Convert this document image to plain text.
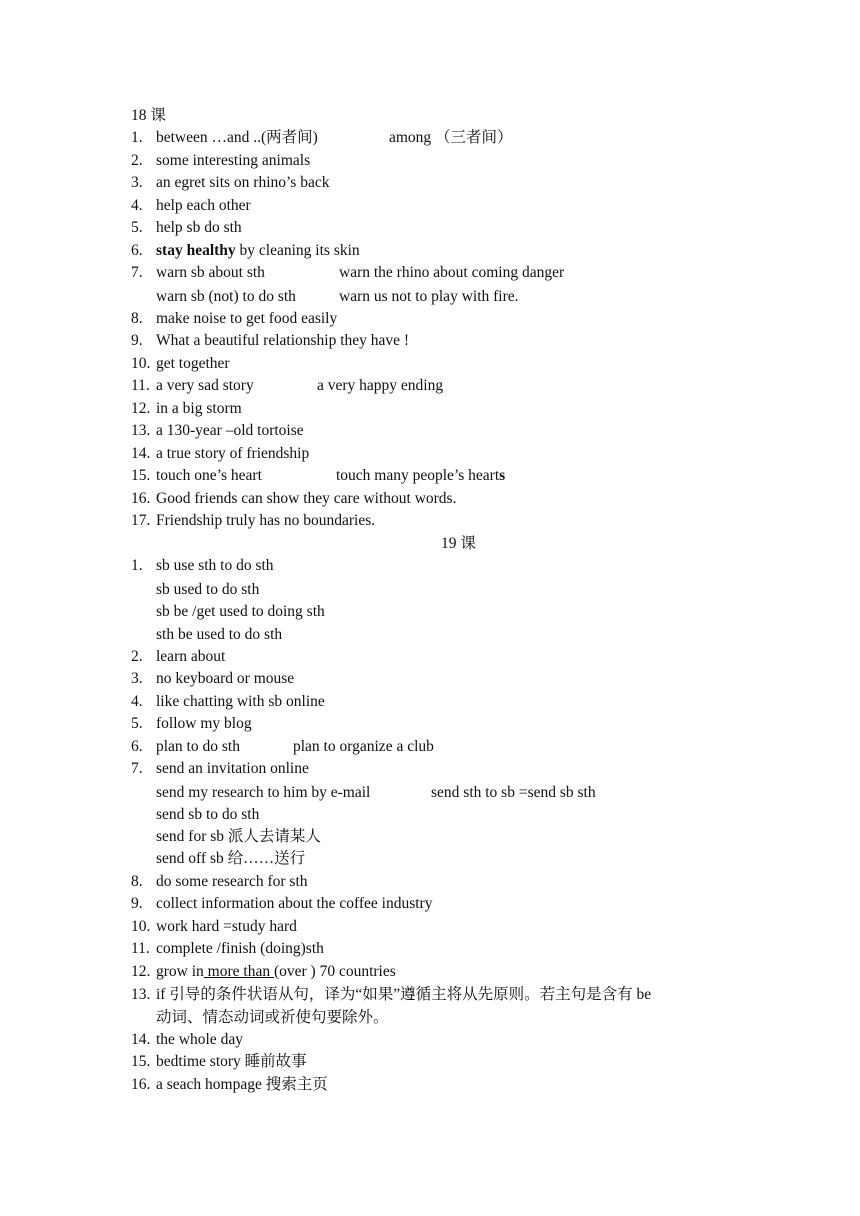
18 课
1. between …and ..(两者间)	among （三者间）
2. some interesting animals
3. an egret sits on rhino’s back
4. help each other
5. help sb do sth
6. stay healthy by cleaning its skin
7. warn sb about sth	warn the rhino about coming danger
warn sb (not) to do sth	warn us not to play with fire.
8. make noise to get food easily
9. What a beautiful relationship they have !
10. get together
11. a very sad story	a very happy ending
12. in a big storm
13. a 130-year –old tortoise
14. a true story of friendship
15. touch one’s heart	touch many people’s hearts
16. Good friends can show they care without words.
17. Friendship truly has no boundaries.
19 课
1. sb use sth to do sth
sb used to do sth
sb be /get used to doing sth
sth be used to do sth
2. learn about
3. no keyboard or mouse
4. like chatting with sb online
5. follow my blog
6. plan to do sth	plan to organize a club
7. send an invitation online
send my research to him by e-mail	send sth to sb =send sb sth
send sb to do sth
send for sb 派人去请某人
send off sb 给……送行
8. do some research for sth
9. collect information about the coffee industry
10. work hard =study hard
11. complete /finish (doing)sth
12. grow in more than (over ) 70 countries
13. if 引导的条件状语从句，译为“如果”遵循主将从先原则。若主句是含有 be
动词、情态动词或祈使句要除外。
14. the whole day
15. bedtime story 睡前故事
16. a seach hompage 搜索主页
